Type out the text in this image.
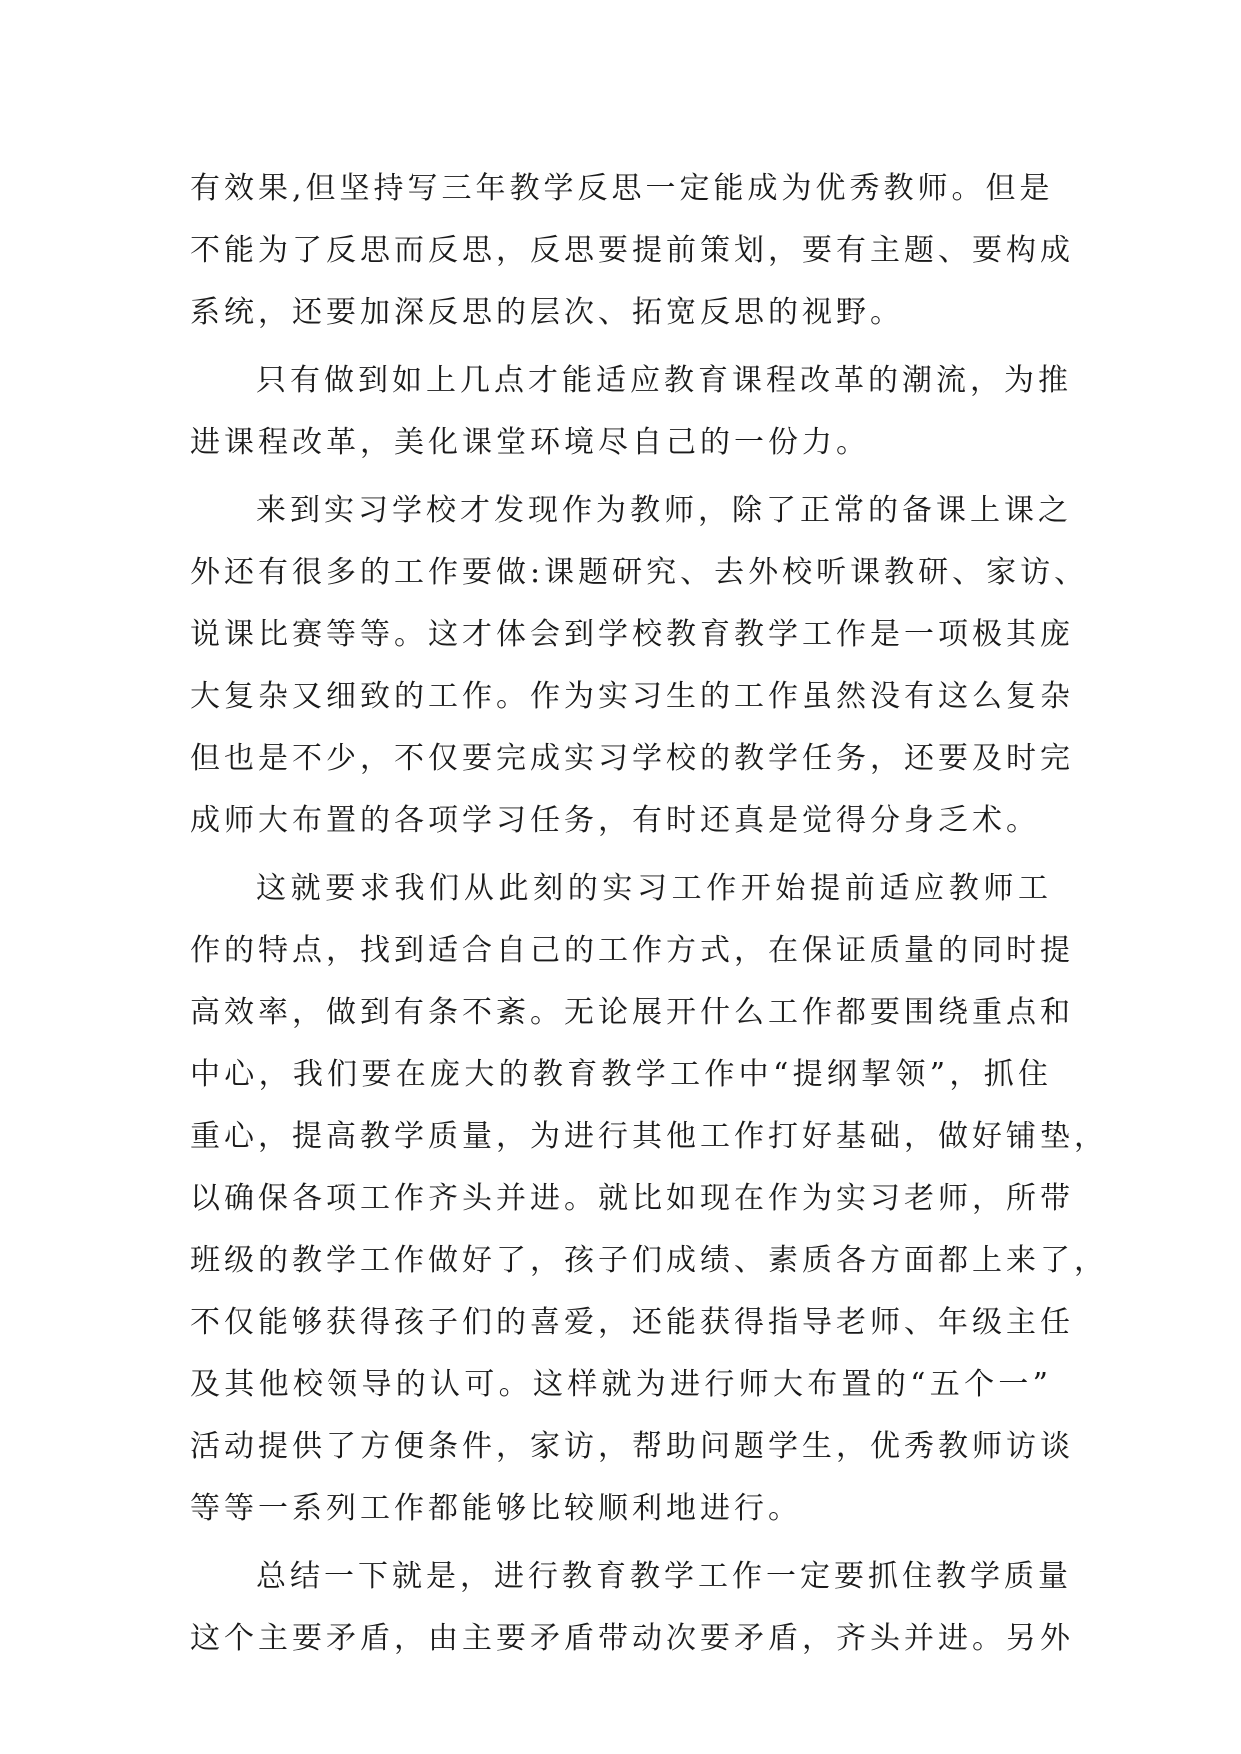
有效果,但坚持写三年教学反思一定能成为优秀教师。但是
不能为了反思而反思，反思要提前策划，要有主题、要构成
系统，还要加深反思的层次、拓宽反思的视野。
只有做到如上几点才能适应教育课程改革的潮流，为推
进课程改革，美化课堂环境尽自己的一份力。
来到实习学校才发现作为教师，除了正常的备课上课之
外还有很多的工作要做:课题研究、去外校听课教研、家访、
说课比赛等等。这才体会到学校教育教学工作是一项极其庞
大复杂又细致的工作。作为实习生的工作虽然没有这么复杂
但也是不少，不仅要完成实习学校的教学任务，还要及时完
成师大布置的各项学习任务，有时还真是觉得分身乏术。
这就要求我们从此刻的实习工作开始提前适应教师工
作的特点，找到适合自己的工作方式，在保证质量的同时提
高效率，做到有条不紊。无论展开什么工作都要围绕重点和
中心，我们要在庞大的教育教学工作中“提纲挈领”，抓住
重心，提高教学质量，为进行其他工作打好基础，做好铺垫，
以确保各项工作齐头并进。就比如现在作为实习老师，所带
班级的教学工作做好了，孩子们成绩、素质各方面都上来了，
不仅能够获得孩子们的喜爱，还能获得指导老师、年级主任
及其他校领导的认可。这样就为进行师大布置的“五个一”
活动提供了方便条件，家访，帮助问题学生，优秀教师访谈
等等一系列工作都能够比较顺利地进行。
总结一下就是，进行教育教学工作一定要抓住教学质量
这个主要矛盾，由主要矛盾带动次要矛盾，齐头并进。另外
